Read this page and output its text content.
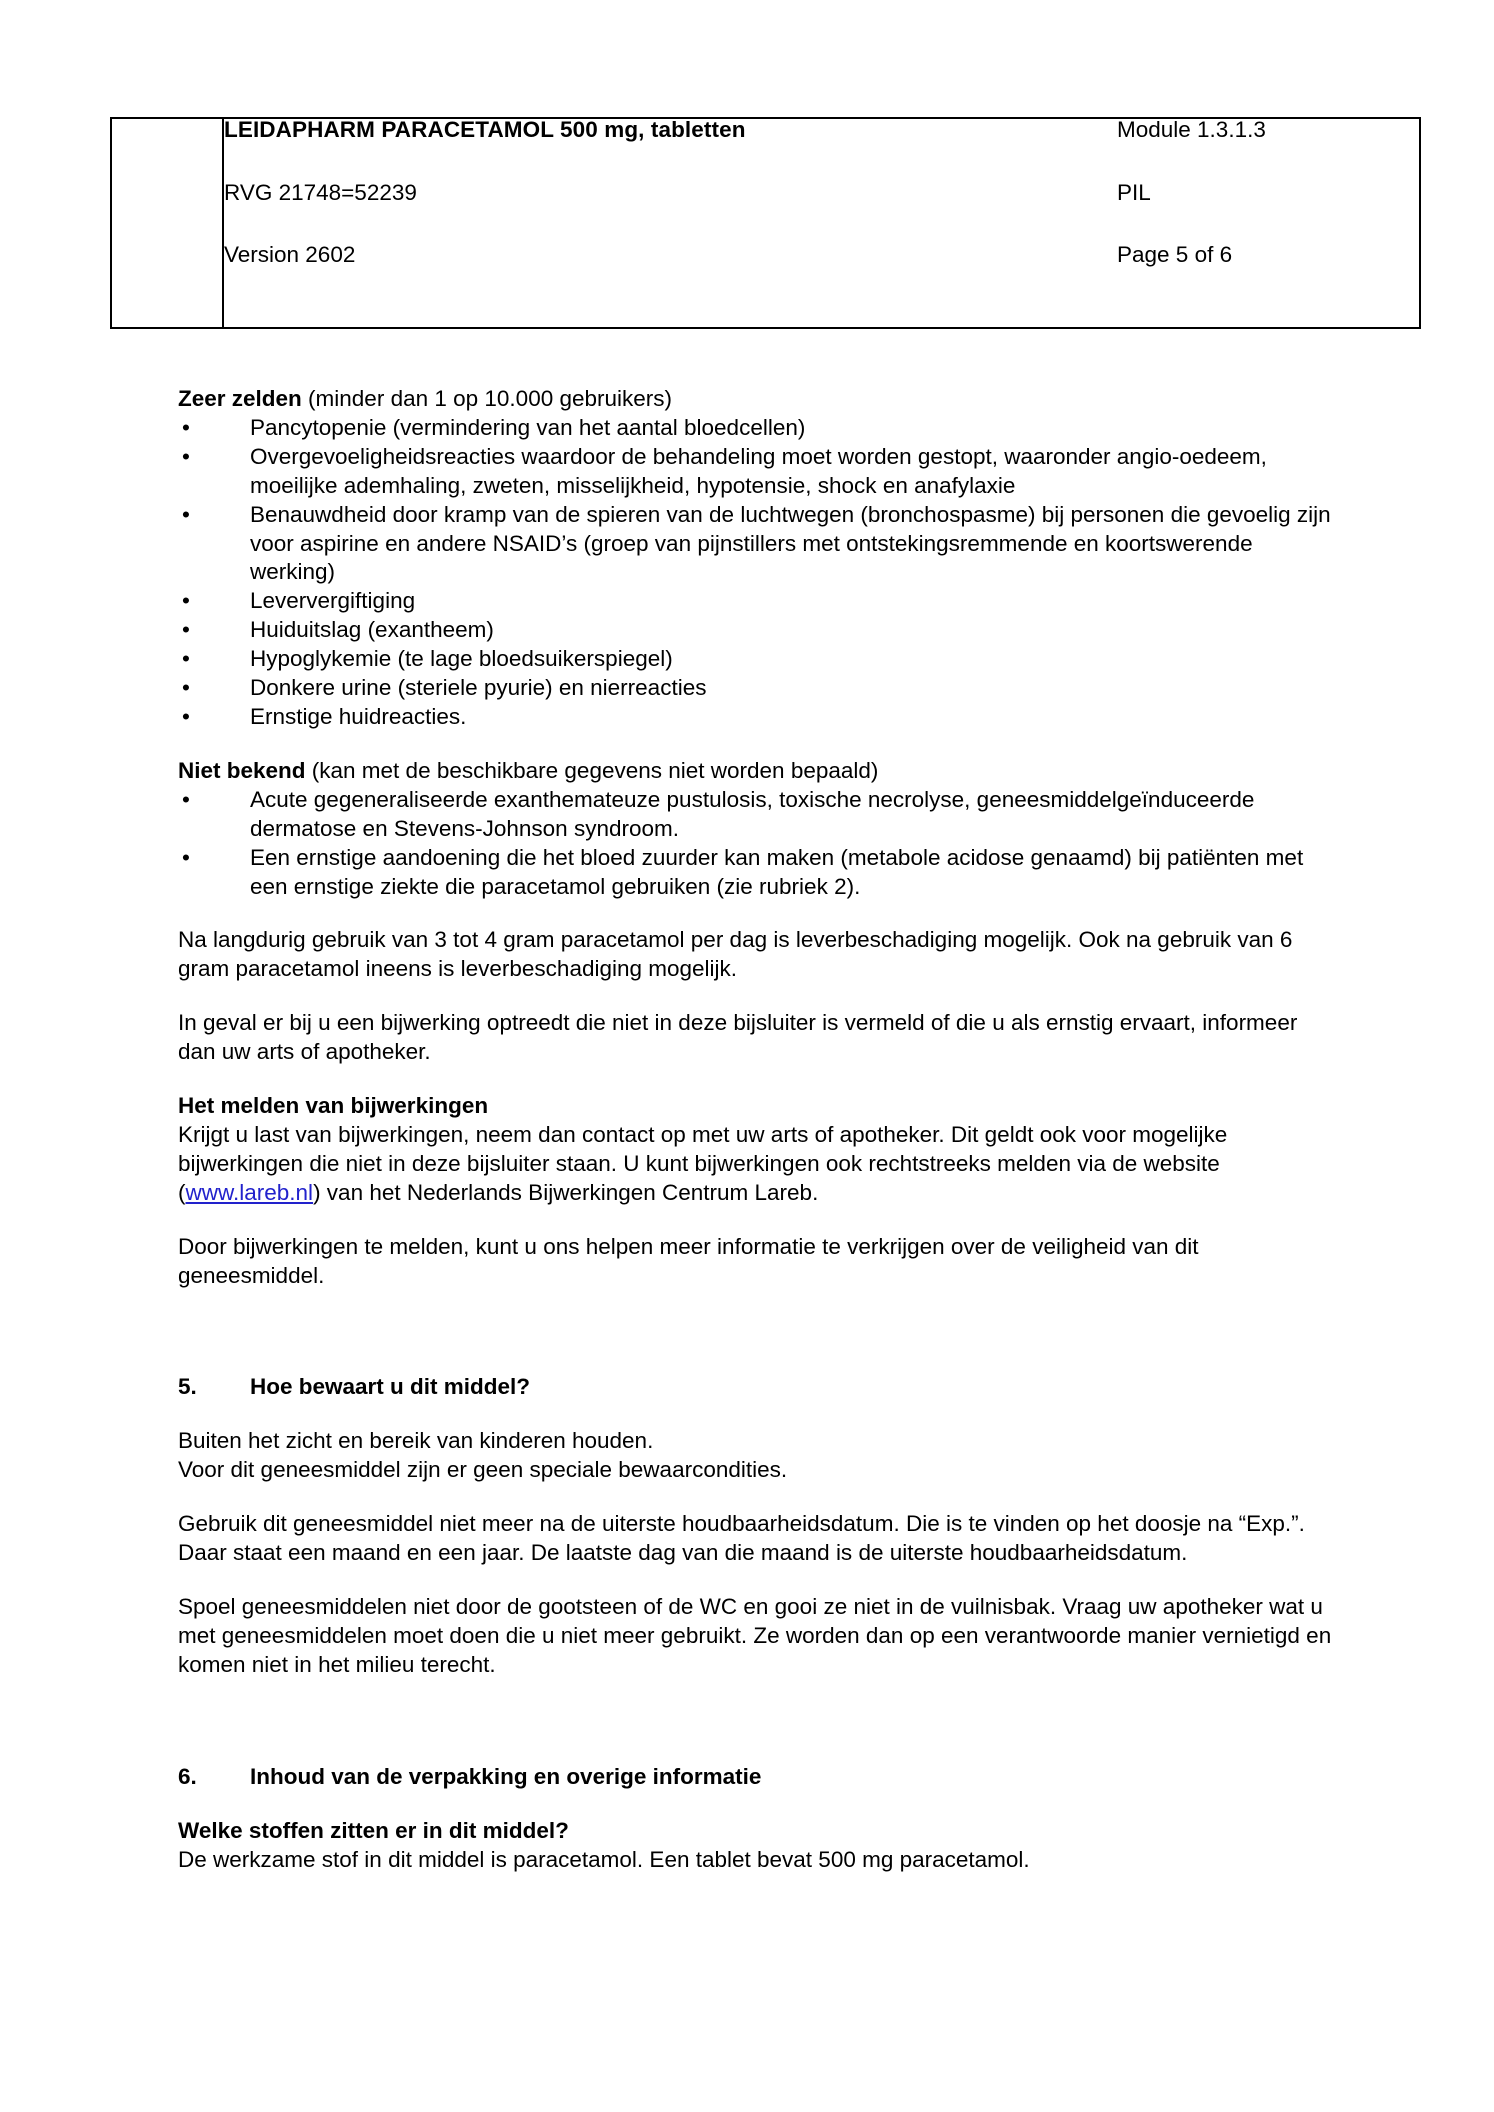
LEIDAPHARM PARACETAMOL 500 mg, tabletten	Module 1.3.1.3
RVG 21748=52239	PIL
Version 2602	Page 5 of 6

Zeer zelden (minder dan 1 op 10.000 gebruikers)

•	Pancytopenie (vermindering van het aantal bloedcellen)
•	Overgevoeligheidsreacties waardoor de behandeling moet worden gestopt, waaronder angio-oedeem, moeilijke ademhaling, zweten, misselijkheid, hypotensie, shock en anafylaxie
•	Benauwdheid door kramp van de spieren van de luchtwegen (bronchospasme) bij personen die gevoelig zijn voor aspirine en andere NSAID’s (groep van pijnstillers met ontstekingsremmende en koortswerende werking)
•	Leververgiftiging
•	Huiduitslag (exantheem)
•	Hypoglykemie (te lage bloedsuikerspiegel)
•	Donkere urine (steriele pyurie) en nierreacties
•	Ernstige huidreacties.

Niet bekend (kan met de beschikbare gegevens niet worden bepaald)

•	Acute gegeneraliseerde exanthemateuze pustulosis, toxische necrolyse, geneesmiddelgeïnduceerde dermatose en Stevens-Johnson syndroom.
•	Een ernstige aandoening die het bloed zuurder kan maken (metabole acidose genaamd) bij patiënten met een ernstige ziekte die paracetamol gebruiken (zie rubriek 2).

Na langdurig gebruik van 3 tot 4 gram paracetamol per dag is leverbeschadiging mogelijk. Ook na gebruik van 6 gram paracetamol ineens is leverbeschadiging mogelijk.

In geval er bij u een bijwerking optreedt die niet in deze bijsluiter is vermeld of die u als ernstig ervaart, informeer dan uw arts of apotheker.

Het melden van bijwerkingen

Krijgt u last van bijwerkingen, neem dan contact op met uw arts of apotheker. Dit geldt ook voor mogelijke bijwerkingen die niet in deze bijsluiter staan. U kunt bijwerkingen ook rechtstreeks melden via de website (www.lareb.nl) van het Nederlands Bijwerkingen Centrum Lareb.

Door bijwerkingen te melden, kunt u ons helpen meer informatie te verkrijgen over de veiligheid van dit geneesmiddel.

5.	Hoe bewaart u dit middel?

Buiten het zicht en bereik van kinderen houden.

Voor dit geneesmiddel zijn er geen speciale bewaarcondities.

Gebruik dit geneesmiddel niet meer na de uiterste houdbaarheidsdatum. Die is te vinden op het doosje na “Exp.”. Daar staat een maand en een jaar. De laatste dag van die maand is de uiterste houdbaarheidsdatum.

Spoel geneesmiddelen niet door de gootsteen of de WC en gooi ze niet in de vuilnisbak. Vraag uw apotheker wat u met geneesmiddelen moet doen die u niet meer gebruikt. Ze worden dan op een verantwoorde manier vernietigd en komen niet in het milieu terecht.

6.	Inhoud van de verpakking en overige informatie

Welke stoffen zitten er in dit middel?

De werkzame stof in dit middel is paracetamol. Een tablet bevat 500 mg paracetamol.
